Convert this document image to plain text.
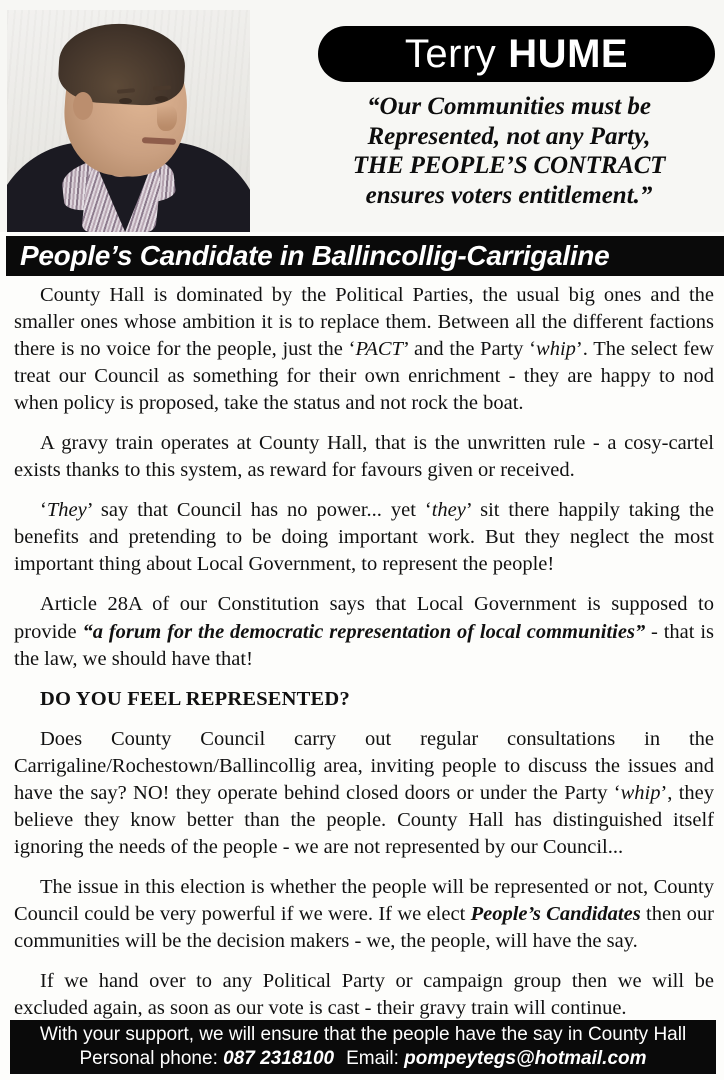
Terry HUME
“Our Communities must be
Represented, not any Party,
THE PEOPLE’S CONTRACT
ensures voters entitlement.”
People’s Candidate in Ballincollig-Carrigaline

County Hall is dominated by the Political Parties, the usual big ones and the smaller ones whose ambition it is to replace them. Between all the different factions there is no voice for the people, just the ‘PACT’ and the Party ‘whip’. The select few treat our Council as something for their own enrichment - they are happy to nod when policy is proposed, take the status and not rock the boat.

A gravy train operates at County Hall, that is the unwritten rule - a cosy-cartel exists thanks to this system, as reward for favours given or received.

‘They’ say that Council has no power... yet ‘they’ sit there happily taking the benefits and pretending to be doing important work. But they neglect the most important thing about Local Government, to represent the people!

Article 28A of our Constitution says that Local Government is supposed to provide “a forum for the democratic representation of local communities” - that is the law, we should have that!

DO YOU FEEL REPRESENTED?

Does County Council carry out regular consultations in the Carrigaline/Rochestown/Ballincollig area, inviting people to discuss the issues and have the say? NO! they operate behind closed doors or under the Party ‘whip’, they believe they know better than the people. County Hall has distinguished itself ignoring the needs of the people - we are not represented by our Council...

The issue in this election is whether the people will be represented or not, County Council could be very powerful if we were. If we elect People’s Candidates then our communities will be the decision makers - we, the people, will have the say.

If we hand over to any Political Party or campaign group then we will be excluded again, as soon as our vote is cast - their gravy train will continue.

With your support, we will ensure that the people have the say in County Hall
Personal phone: 087 2318100 Email: pompeytegs@hotmail.com
